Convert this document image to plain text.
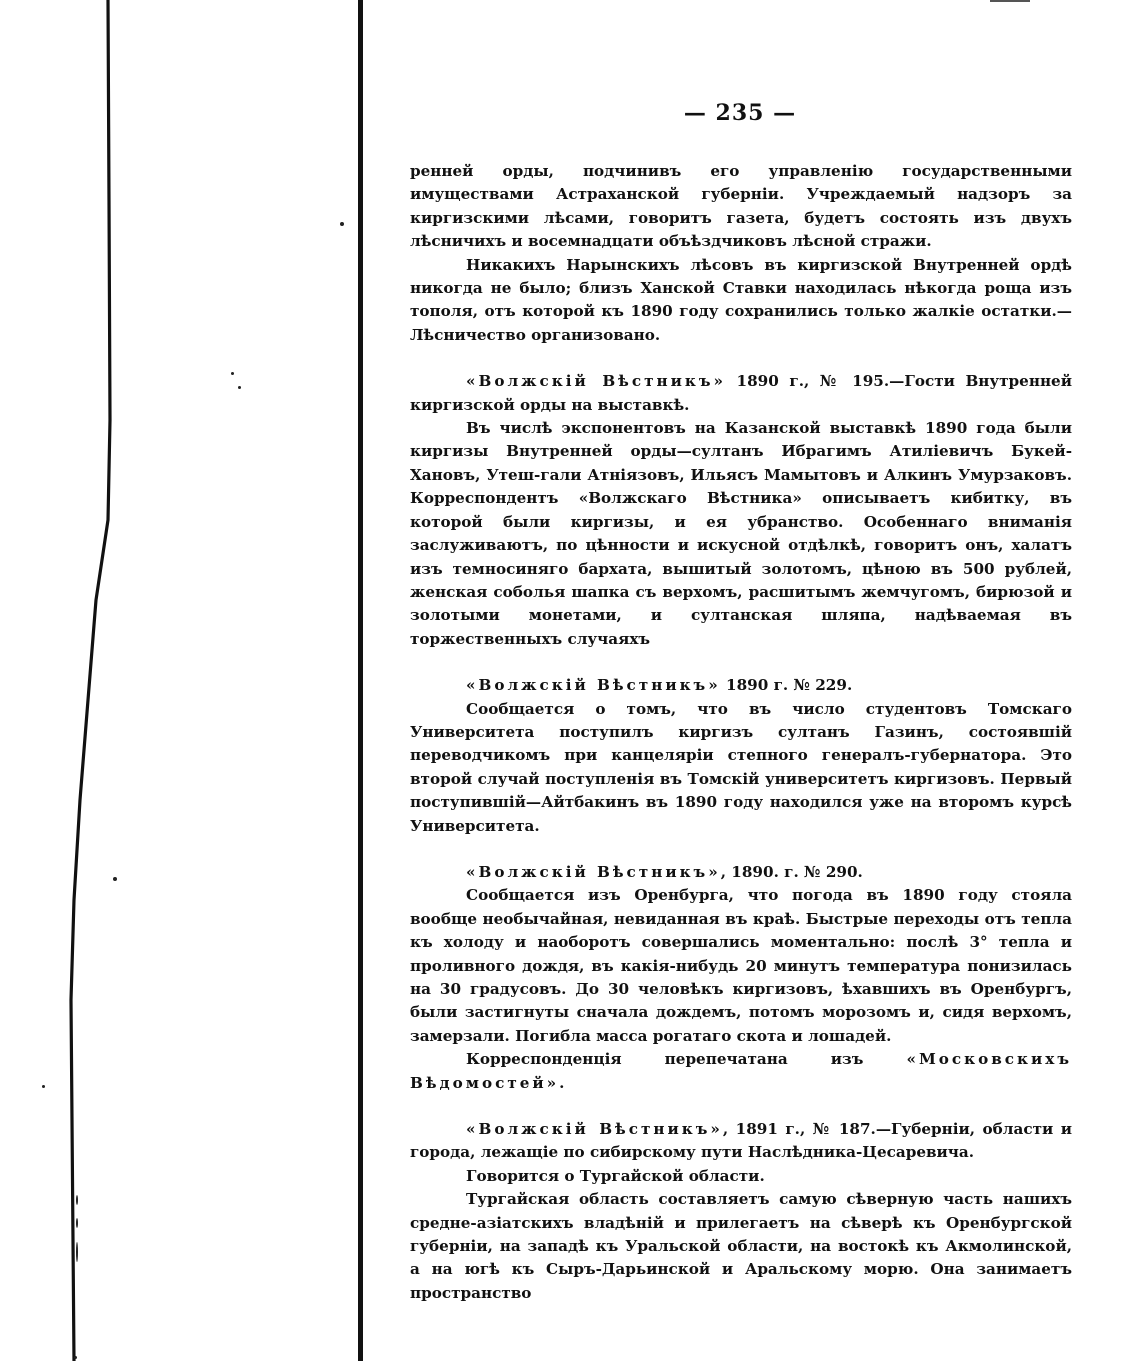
— 235 —

ренней орды, подчинивъ его управленію государственными имуществами Астраханской губерніи. Учреждаемый надзоръ за киргизскими лѣсами, говоритъ газета, будетъ состоять изъ двухъ лѣсничихъ и восемнадцати объѣздчиковъ лѣсной стражи.

Никакихъ Нарынскихъ лѣсовъ въ киргизской Внутренней ордѣ никогда не было; близъ Ханской Ставки находилась нѣкогда роща изъ тополя, отъ которой къ 1890 году сохранились только жалкіе остатки.—Лѣсничество организовано.

«Волжскій Вѣстникъ» 1890 г., № 195.—Гости Внутренней киргизской орды на выставкѣ.

Въ числѣ экспонентовъ на Казанской выставкѣ 1890 года были киргизы Внутренней орды—султанъ Ибрагимъ Атиліевичъ Букей-Хановъ, Утеш-гали Атніязовъ, Ильясъ Мамытовъ и Алкинъ Умурзаковъ. Корреспондентъ «Волжскаго Вѣстника» описываетъ кибитку, въ которой были киргизы, и ея убранство. Особеннаго вниманія заслуживаютъ, по цѣнности и искусной отдѣлкѣ, говоритъ онъ, халатъ изъ темносиняго бархата, вышитый золотомъ, цѣною въ 500 рублей, женская соболья шапка съ верхомъ, расшитымъ жемчугомъ, бирюзой и золотыми монетами, и султанская шляпа, надѣваемая въ торжественныхъ случаяхъ

«Волжскій Вѣстникъ» 1890 г. № 229.

Сообщается о томъ, что въ число студентовъ Томскаго Университета поступилъ киргизъ султанъ Газинъ, состоявшій переводчикомъ при канцеляріи степного генералъ-губернатора. Это второй случай поступленія въ Томскій университетъ киргизовъ. Первый поступившій—Айтбакинъ въ 1890 году находился уже на второмъ курсѣ Университета.

«Волжскій Вѣстникъ», 1890. г. № 290.

Сообщается изъ Оренбурга, что погода въ 1890 году стояла вообще необычайная, невиданная въ краѣ. Быстрые переходы отъ тепла къ холоду и наоборотъ совершались моментально: послѣ 3° тепла и проливного дождя, въ какія-нибудь 20 минутъ температура понизилась на 30 градусовъ. До 30 человѣкъ киргизовъ, ѣхавшихъ въ Оренбургъ, были застигнуты сначала дождемъ, потомъ морозомъ и, сидя верхомъ, замерзали. Погибла масса рогатаго скота и лошадей.

Корреспонденція перепечатана изъ «Московскихъ Вѣдомостей».

«Волжскій Вѣстникъ», 1891 г., № 187.—Губерніи, области и города, лежащіе по сибирскому пути Наслѣдника-Цесаревича.

Говорится о Тургайской области.

Тургайская область составляетъ самую сѣверную часть нашихъ средне-азіатскихъ владѣній и прилегаетъ на сѣверѣ къ Оренбургской губерніи, на западѣ къ Уральской области, на востокѣ къ Акмолинской, а на югѣ къ Сыръ-Дарьинской и Аральскому морю. Она занимаетъ пространство
